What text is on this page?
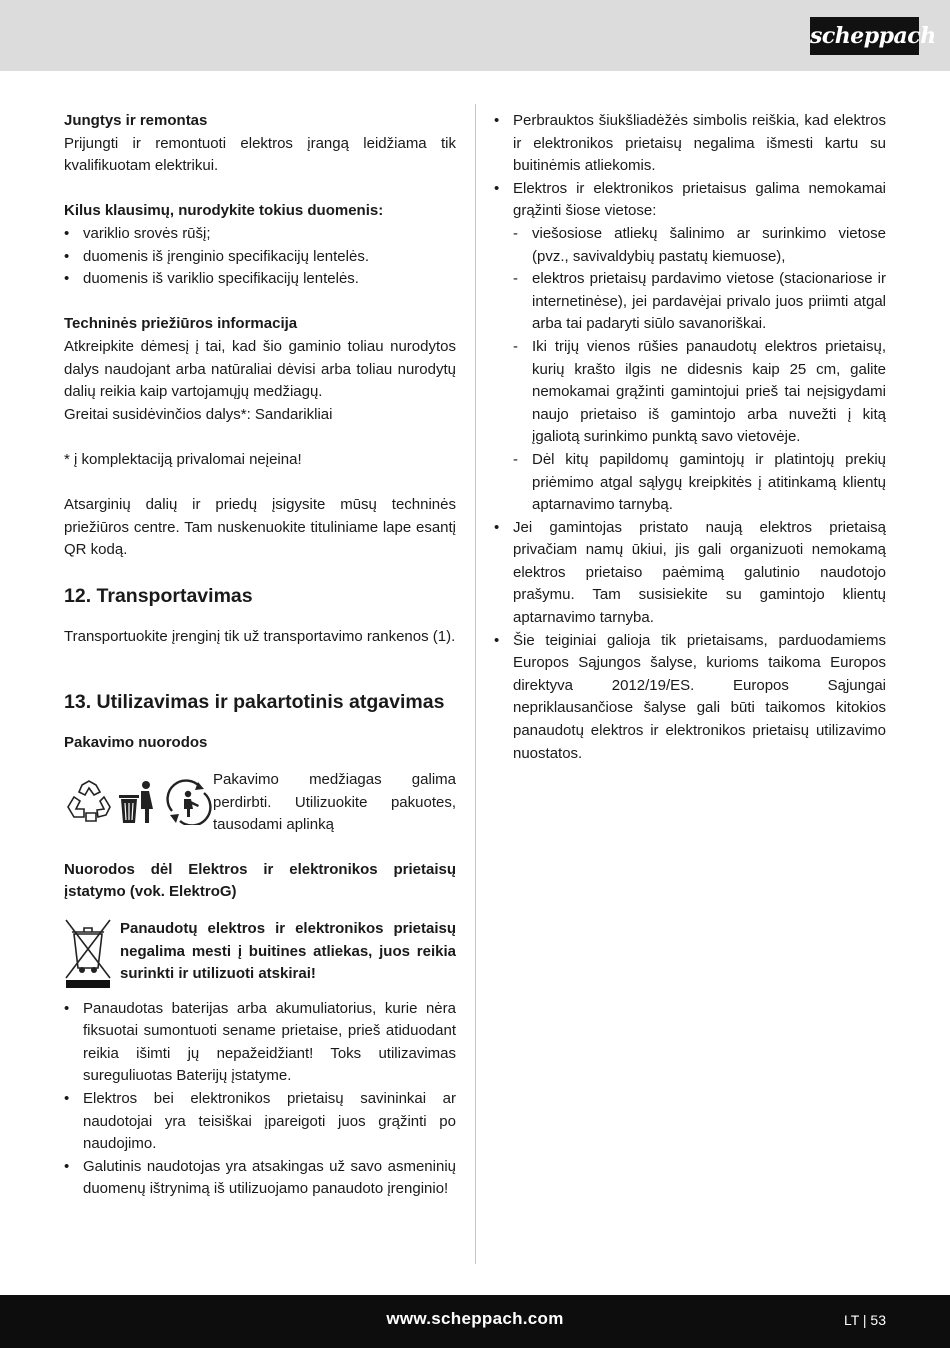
scheppach

Jungtys ir remontas

Prijungti ir remontuoti elektros įrangą leidžiama tik kvalifikuotam elektrikui.

Kilus klausimų, nurodykite tokius duomenis:

• variklio srovės rūšį;
• duomenis iš įrenginio specifikacijų lentelės.
• duomenis iš variklio specifikacijų lentelės.

Techninės priežiūros informacija

Atkreipkite dėmesį į tai, kad šio gaminio toliau nurodytos dalys naudojant arba natūraliai dėvisi arba toliau nurodytų dalių reikia kaip vartojamųjų medžiagų.

Greitai susidėvinčios dalys*: Sandarikliai

* į komplektaciją privalomai neįeina!

Atsarginių dalių ir priedų įsigysite mūsų techninės priežiūros centre. Tam nuskenuokite tituliniame lape esantį QR kodą.

12. Transportavimas

Transportuokite įrenginį tik už transportavimo rankenos (1).

13. Utilizavimas ir pakartotinis atgavimas

Pakavimo nuorodos

Pakavimo medžiagas galima perdirbti. Utilizuokite pakuotes, tausodami aplinką

Nuorodos dėl Elektros ir elektronikos prietaisų įstatymo (vok. ElektroG)

Panaudotų elektros ir elektronikos prietaisų negalima mesti į buitines atliekas, juos reikia surinkti ir utilizuoti atskirai!

• Panaudotas baterijas arba akumuliatorius, kurie nėra fiksuotai sumontuoti sename prietaise, prieš atiduodant reikia išimti jų nepažeidžiant! Toks utilizavimas sureguliuotas Baterijų įstatyme.
• Elektros bei elektronikos prietaisų savininkai ar naudotojai yra teisiškai įpareigoti juos grąžinti po naudojimo.
• Galutinis naudotojas yra atsakingas už savo asmeninių duomenų ištrynimą iš utilizuojamo panaudoto įrenginio!
• Perbrauktos šiukšliadėžės simbolis reiškia, kad elektros ir elektronikos prietaisų negalima išmesti kartu su buitinėmis atliekomis.
• Elektros ir elektronikos prietaisus galima nemokamai grąžinti šiose vietose:
- viešosiose atliekų šalinimo ar surinkimo vietose (pvz., savivaldybių pastatų kiemuose),
- elektros prietaisų pardavimo vietose (stacionariose ir internetinėse), jei pardavėjai privalo juos priimti atgal arba tai padaryti siūlo savanoriškai.
- Iki trijų vienos rūšies panaudotų elektros prietaisų, kurių krašto ilgis ne didesnis kaip 25 cm, galite nemokamai grąžinti gamintojui prieš tai neįsigydami naujo prietaiso iš gamintojo arba nuvežti į kitą įgaliotą surinkimo punktą savo vietovėje.
- Dėl kitų papildomų gamintojų ir platintojų prekių priėmimo atgal sąlygų kreipkitės į atitinkamą klientų aptarnavimo tarnybą.
• Jei gamintojas pristato naują elektros prietaisą privačiam namų ūkiui, jis gali organizuoti nemokamą elektros prietaiso paėmimą galutinio naudotojo prašymu. Tam susisiekite su gamintojo klientų aptarnavimo tarnyba.
• Šie teiginiai galioja tik prietaisams, parduodamiems Europos Sąjungos šalyse, kurioms taikoma Europos direktyva 2012/19/ES. Europos Sąjungai nepriklausančiose šalyse gali būti taikomos kitokios panaudotų elektros ir elektronikos prietaisų utilizavimo nuostatos.
www.scheppach.com	LT | 53
